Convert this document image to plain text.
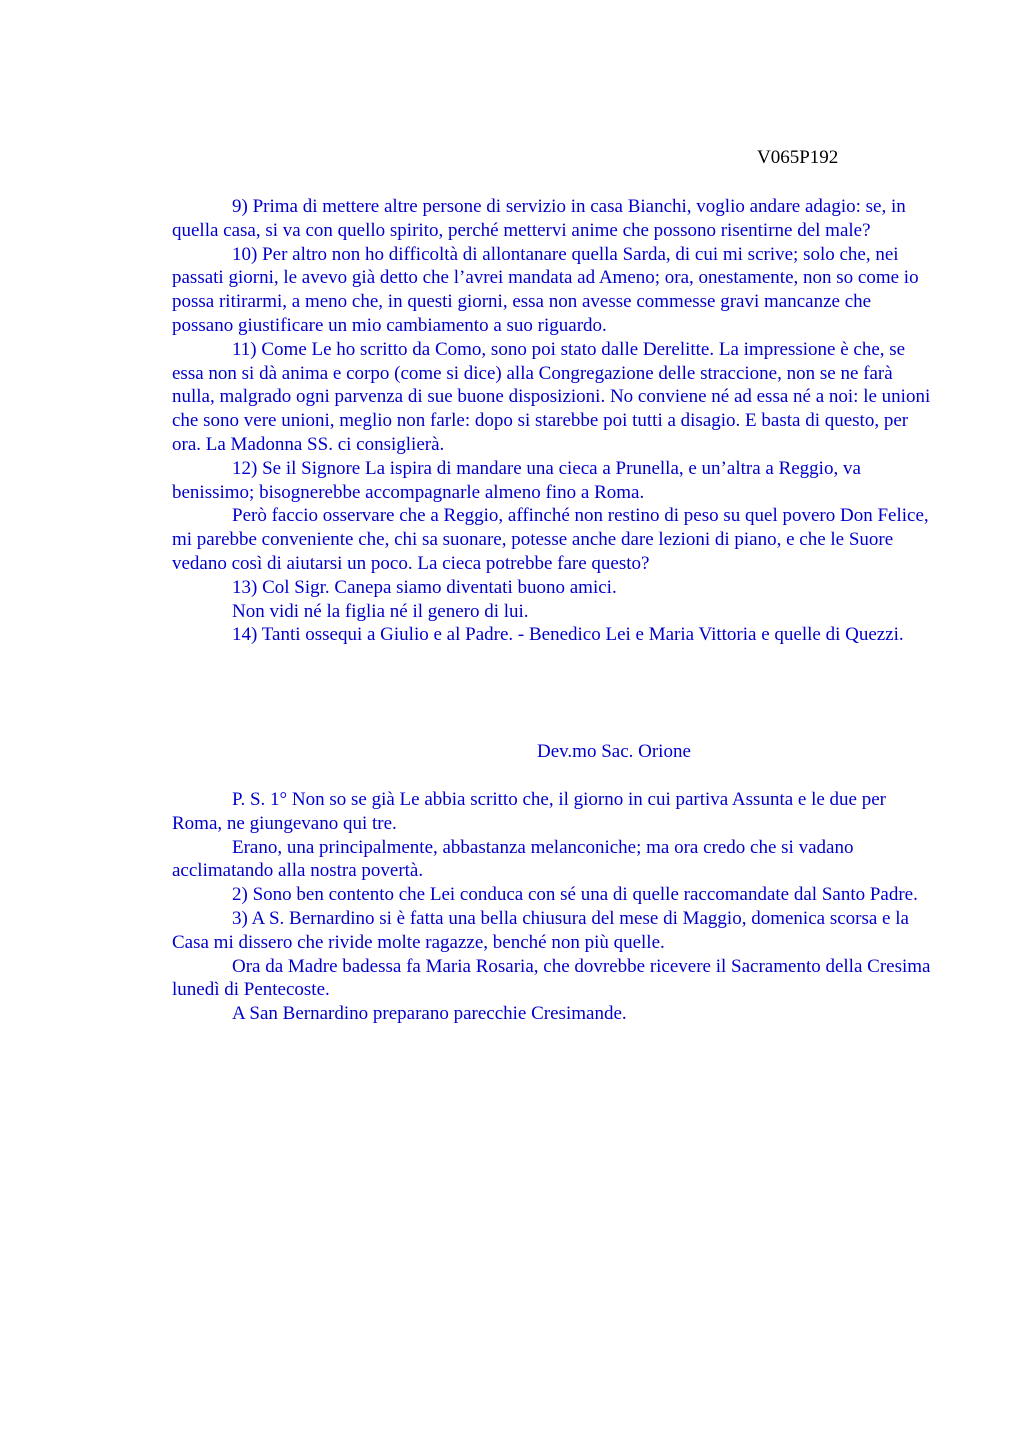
V065P192

9) Prima di mettere altre persone di servizio in casa Bianchi, voglio andare adagio: se, in quella casa, si va con quello spirito, perché mettervi anime che possono risentirne del male?

10) Per altro non ho difficoltà di allontanare quella Sarda, di cui mi scrive; solo che, nei passati giorni, le avevo già detto che l’avrei mandata ad Ameno; ora, onestamente, non so come io possa ritirarmi, a meno che, in questi giorni, essa non avesse commesse gravi mancanze che possano giustificare un mio cambiamento a suo riguardo.

11) Come Le ho scritto da Como, sono poi stato dalle Derelitte. La impressione è che, se essa non si dà anima e corpo (come si dice) alla Congregazione delle straccione, non se ne farà nulla, malgrado ogni parvenza di sue buone disposizioni. No conviene né ad essa né a noi: le unioni che sono vere unioni, meglio non farle: dopo si starebbe poi tutti a disagio. E basta di questo, per ora. La Madonna SS. ci consiglierà.

12) Se il Signore La ispira di mandare una cieca a Prunella, e un’altra a Reggio, va benissimo; bisognerebbe accompagnarle almeno fino a Roma.

Però faccio osservare che a Reggio, affinché non restino di peso su quel povero Don Felice, mi parebbe conveniente che, chi sa suonare, potesse anche dare lezioni di piano, e che le Suore vedano così di aiutarsi un poco. La cieca potrebbe fare questo?

13) Col Sigr. Canepa siamo diventati buono amici.

Non vidi né la figlia né il genero di lui.

14) Tanti ossequi a Giulio e al Padre. - Benedico Lei e Maria Vittoria e quelle di Quezzi.

Dev.mo Sac. Orione

P. S. 1° Non so se già Le abbia scritto che, il giorno in cui partiva Assunta e le due per Roma, ne giungevano qui tre.

Erano, una principalmente, abbastanza melanconiche; ma ora credo che si vadano acclimatando alla nostra povertà.

2) Sono ben contento che Lei conduca con sé una di quelle raccomandate dal Santo Padre.

3) A S. Bernardino si è fatta una bella chiusura del mese di Maggio, domenica scorsa e la Casa mi dissero che rivide molte ragazze, benché non più quelle.

Ora da Madre badessa fa Maria Rosaria, che dovrebbe ricevere il Sacramento della Cresima lunedì di Pentecoste.

A San Bernardino preparano parecchie Cresimande.
